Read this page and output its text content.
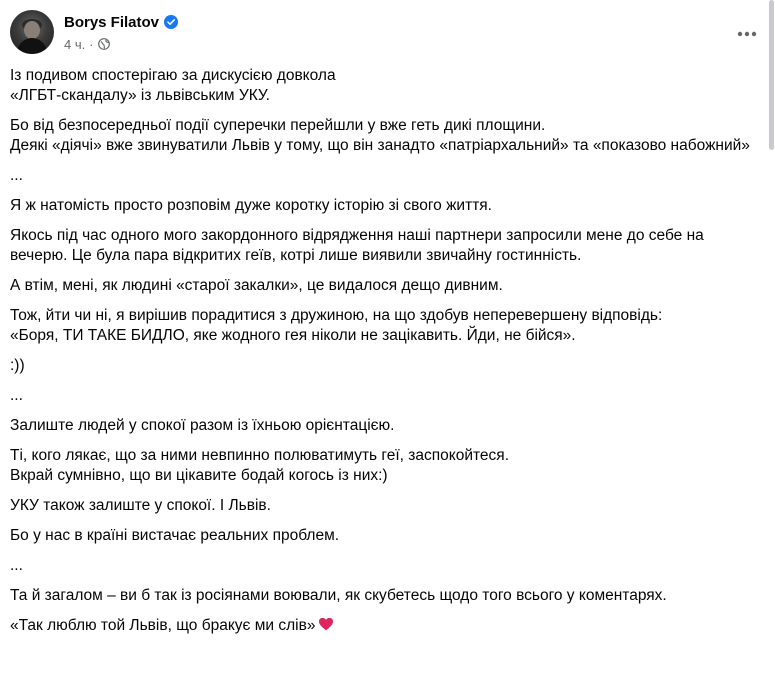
Borys Filatov
4 ч. ·

Із подивом спостерігаю за дискусією довкола
«ЛГБТ-скандалу» із львівським УКУ.

Бо від безпосередньої події суперечки перейшли у вже геть дикі площини.
Деякі «діячі» вже звинуватили Львів у тому, що він занадто «патріархальний» та «показово набожний»

...

Я ж натомість просто розповім дуже коротку історію зі свого життя.

Якось під час одного мого закордонного відрядження наші партнери запросили мене до себе на вечерю. Це була пара відкритих геїв, котрі лише виявили звичайну гостинність.

А втім, мені, як людині «старої закалки», це видалося дещо дивним.

Тож, йти чи ні, я вирішив порадитися з дружиною, на що здобув неперевершену відповідь:
«Боря, ТИ ТАКЕ БИДЛО, яке жодного гея ніколи не зацікавить. Йди, не бійся».

:))

...

Залиште людей у спокої разом із їхньою орієнтацією.

Ті, кого лякає, що за ними невпинно полюватимуть геї, заспокойтеся.
Вкрай сумнівно, що ви цікавите бодай когось із них:)

УКУ також залиште у спокої. І Львів.

Бо у нас в країні вистачає реальних проблем.

...

Та й загалом – ви б так із росіянами воювали, як скубетесь щодо того всього у коментарях.

«Так люблю той Львів, що бракує ми слів»
